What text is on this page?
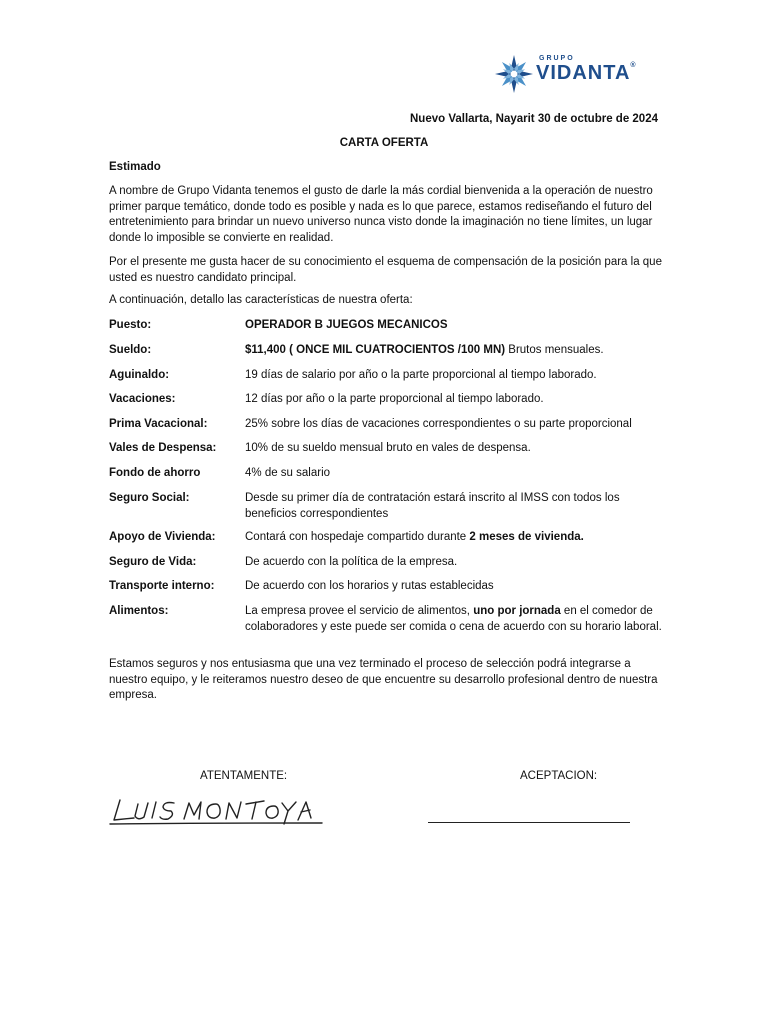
GRUPO
VIDANTA®
Nuevo Vallarta, Nayarit 30 de octubre de 2024
CARTA OFERTA
Estimado
A nombre de Grupo Vidanta tenemos el gusto de darle la más cordial bienvenida a la operación de nuestro primer parque temático, donde todo es posible y nada es lo que parece, estamos rediseñando el futuro del entretenimiento para brindar un nuevo universo nunca visto donde la imaginación no tiene límites, un lugar donde lo imposible se convierte en realidad.
Por el presente me gusta hacer de su conocimiento el esquema de compensación de la posición para la que usted es nuestro candidato principal.
A continuación, detallo las características de nuestra oferta:
Puesto:	OPERADOR B JUEGOS MECANICOS
Sueldo:	$11,400 ( ONCE MIL CUATROCIENTOS /100 MN) Brutos mensuales.
Aguinaldo:	19 días de salario por año o la parte proporcional al tiempo laborado.
Vacaciones:	12 días por año o la parte proporcional al tiempo laborado.
Prima Vacacional:	25% sobre los días de vacaciones correspondientes o su parte proporcional
Vales de Despensa:	10% de su sueldo mensual bruto en vales de despensa.
Fondo de ahorro	4% de su salario
Seguro Social:	Desde su primer día de contratación estará inscrito al IMSS con todos los beneficios correspondientes
Apoyo de Vivienda:	Contará con hospedaje compartido durante 2 meses de vivienda.
Seguro de Vida:	De acuerdo con la política de la empresa.
Transporte interno:	De acuerdo con los horarios y rutas establecidas
Alimentos:	La empresa provee el servicio de alimentos, uno por jornada en el comedor de colaboradores y este puede ser comida o cena de acuerdo con su horario laboral.
Estamos seguros y nos entusiasma que una vez terminado el proceso de selección podrá integrarse a nuestro equipo, y le reiteramos nuestro deseo de que encuentre su desarrollo profesional dentro de nuestra empresa.
ATENTAMENTE:	ACEPTACION:
